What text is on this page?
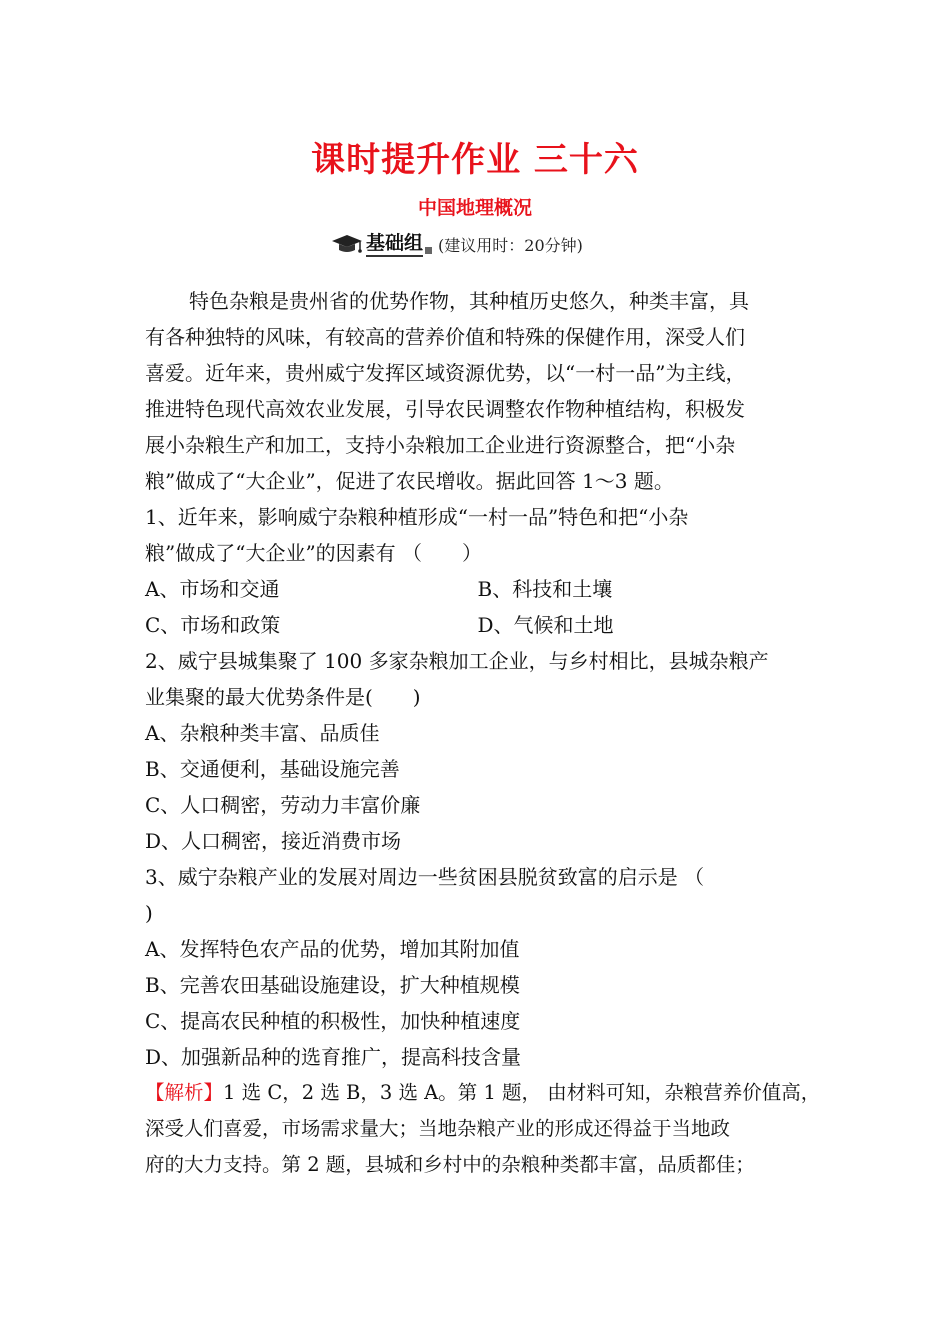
课时提升作业 三十六
中国地理概况
基础组 (建议用时：20分钟)
特色杂粮是贵州省的优势作物，其种植历史悠久，种类丰富，具
有各种独特的风味，有较高的营养价值和特殊的保健作用，深受人们
喜爱。近年来，贵州威宁发挥区域资源优势，以“一村一品”为主线，
推进特色现代高效农业发展，引导农民调整农作物种植结构，积极发
展小杂粮生产和加工，支持小杂粮加工企业进行资源整合，把“小杂
粮”做成了“大企业”，促进了农民增收。据此回答 1～3 题。
1、近年来，影响威宁杂粮种植形成“一村一品”特色和把“小杂
粮”做成了“大企业”的因素有 （　　）
A、市场和交通	B、科技和土壤
C、市场和政策	D、气候和土地
2、威宁县城集聚了 100 多家杂粮加工企业，与乡村相比，县城杂粮产
业集聚的最大优势条件是(　　)
A、杂粮种类丰富、品质佳
B、交通便利，基础设施完善
C、人口稠密，劳动力丰富价廉
D、人口稠密，接近消费市场
3、威宁杂粮产业的发展对周边一些贫困县脱贫致富的启示是 （
)
A、发挥特色农产品的优势，增加其附加值
B、完善农田基础设施建设，扩大种植规模
C、提高农民种植的积极性，加快种植速度
D、加强新品种的选育推广，提高科技含量
【解析】1 选 C，2 选 B，3 选 A。第 1 题， 由材料可知，杂粮营养价值高，
深受人们喜爱，市场需求量大；当地杂粮产业的形成还得益于当地政
府的大力支持。第 2 题，县城和乡村中的杂粮种类都丰富，品质都佳；
